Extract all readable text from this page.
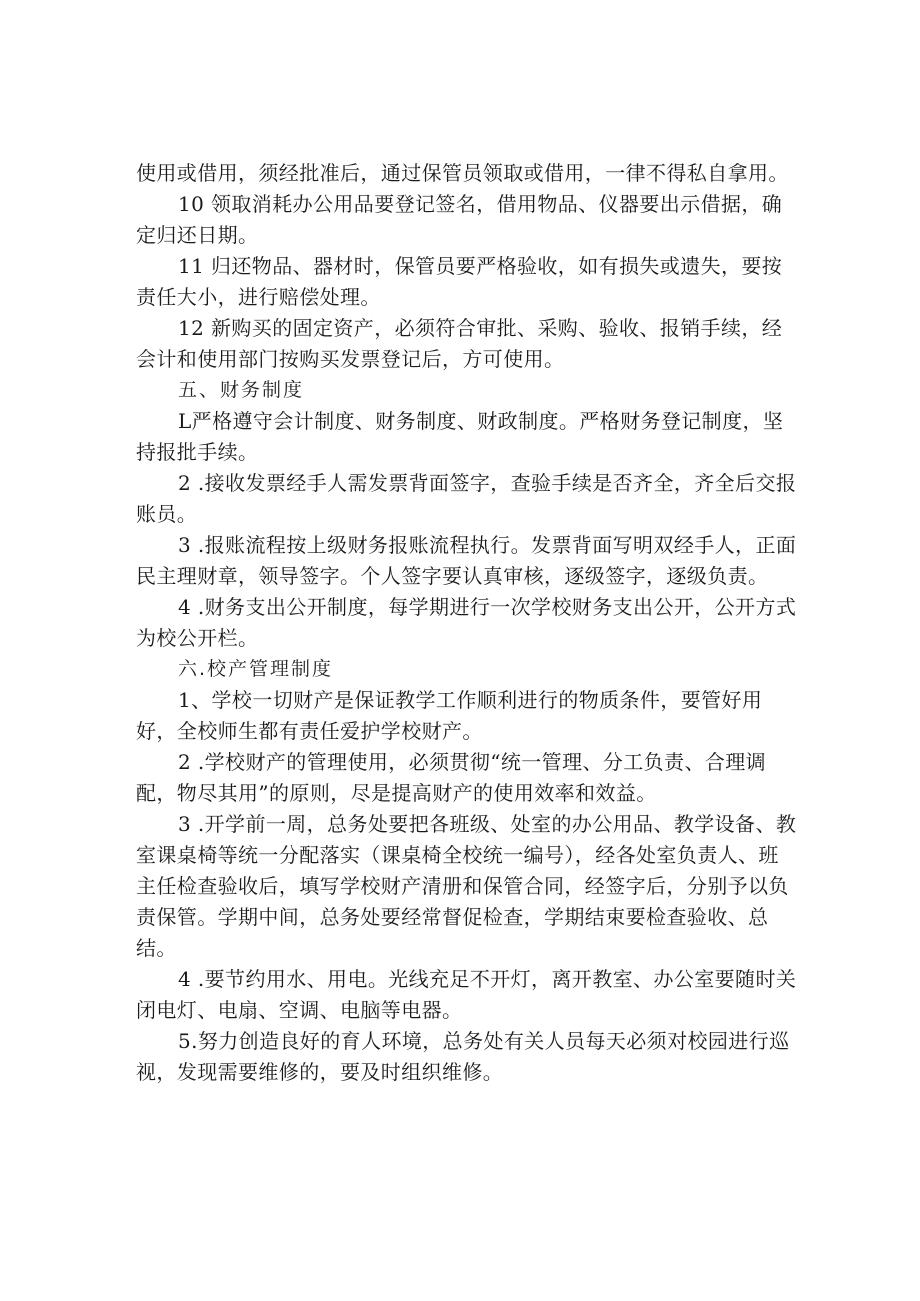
使用或借用，须经批准后，通过保管员领取或借用，一律不得私自拿用。

10 领取消耗办公用品要登记签名，借用物品、仪器要出示借据，确定归还日期。

11 归还物品、器材时，保管员要严格验收，如有损失或遗失，要按责任大小，进行赔偿处理。

12 新购买的固定资产，必须符合审批、采购、验收、报销手续，经会计和使用部门按购买发票登记后，方可使用。

五、财务制度

L严格遵守会计制度、财务制度、财政制度。严格财务登记制度，坚持报批手续。

2 .接收发票经手人需发票背面签字，查验手续是否齐全，齐全后交报账员。

3 .报账流程按上级财务报账流程执行。发票背面写明双经手人，正面民主理财章，领导签字。个人签字要认真审核，逐级签字，逐级负责。

4 .财务支出公开制度，每学期进行一次学校财务支出公开，公开方式为校公开栏。

六.校产管理制度

1、学校一切财产是保证教学工作顺利进行的物质条件，要管好用好，全校师生都有责任爱护学校财产。

2 .学校财产的管理使用，必须贯彻“统一管理、分工负责、合理调配，物尽其用”的原则，尽是提高财产的使用效率和效益。

3 .开学前一周，总务处要把各班级、处室的办公用品、教学设备、教室课桌椅等统一分配落实（课桌椅全校统一编号），经各处室负责人、班主任检查验收后，填写学校财产清册和保管合同，经签字后，分别予以负责保管。学期中间，总务处要经常督促检查，学期结束要检查验收、总结。

4 .要节约用水、用电。光线充足不开灯，离开教室、办公室要随时关闭电灯、电扇、空调、电脑等电器。

5.努力创造良好的育人环境，总务处有关人员每天必须对校园进行巡视，发现需要维修的，要及时组织维修。
